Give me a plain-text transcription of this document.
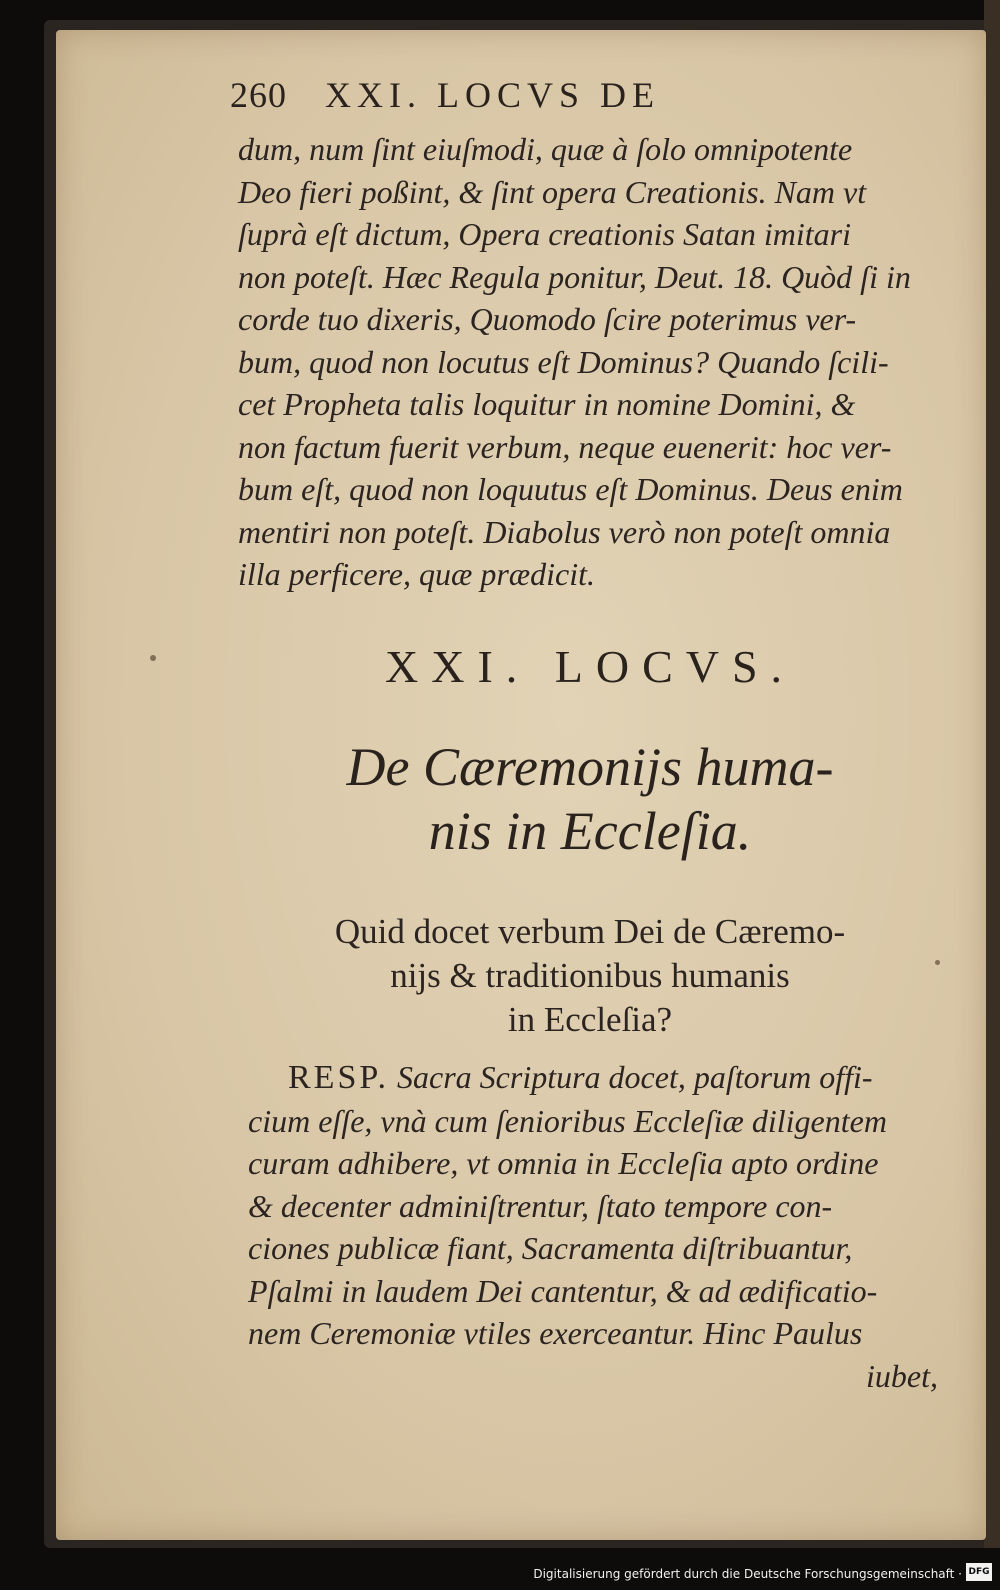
260 XXI. LOCVS DE
dum, num ſint eiuſmodi, quæ à ſolo omnipotente
Deo fieri poßint, & ſint opera Creationis. Nam vt
ſuprà eſt dictum, Opera creationis Satan imitari
non poteſt. Hæc Regula ponitur, Deut. 18. Quòd ſi in
corde tuo dixeris, Quomodo ſcire poterimus ver-
bum, quod non locutus eſt Dominus? Quando ſcili-
cet Propheta talis loquitur in nomine Domini, &
non factum fuerit verbum, neque euenerit: hoc ver-
bum eſt, quod non loquutus eſt Dominus. Deus enim
mentiri non poteſt. Diabolus verò non poteſt omnia
illa perficere, quæ prædicit.
XXI. LOCVS.
De Cæremonijs huma-
nis in Eccleſia.
Quid docet verbum Dei de Cæremo-
nijs & traditionibus humanis
in Eccleſia?
RESP. Sacra Scriptura docet, paſtorum offi-
cium eſſe, vnà cum ſenioribus Eccleſiæ diligentem
curam adhibere, vt omnia in Eccleſia apto ordine
& decenter adminiſtrentur, ſtato tempore con-
ciones publicæ fiant, Sacramenta diſtribuantur,
Pſalmi in laudem Dei cantentur, & ad ædificatio-
nem Ceremoniæ vtiles exerceantur. Hinc Paulus
iubet,
Digitalisierung gefördert durch die Deutsche Forschungsgemeinschaft · DFG
